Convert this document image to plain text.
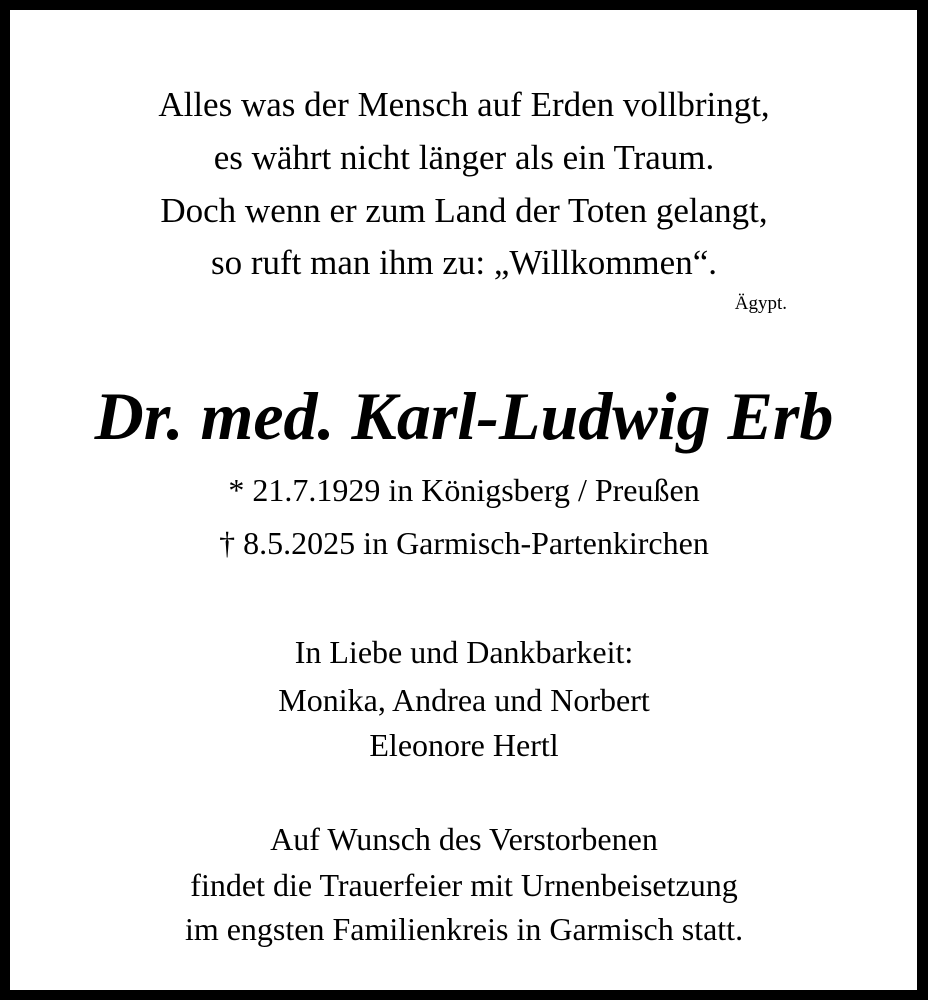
Alles was der Mensch auf Erden vollbringt,
es währt nicht länger als ein Traum.
Doch wenn er zum Land der Toten gelangt,
so ruft man ihm zu: „Willkommen“.
Ägypt.
Dr. med. Karl-Ludwig Erb
* 21.7.1929 in Königsberg / Preußen
† 8.5.2025 in Garmisch-Partenkirchen
In Liebe und Dankbarkeit:
Monika, Andrea und Norbert
Eleonore Hertl
Auf Wunsch des Verstorbenen
findet die Trauerfeier mit Urnenbeisetzung
im engsten Familienkreis in Garmisch statt.
